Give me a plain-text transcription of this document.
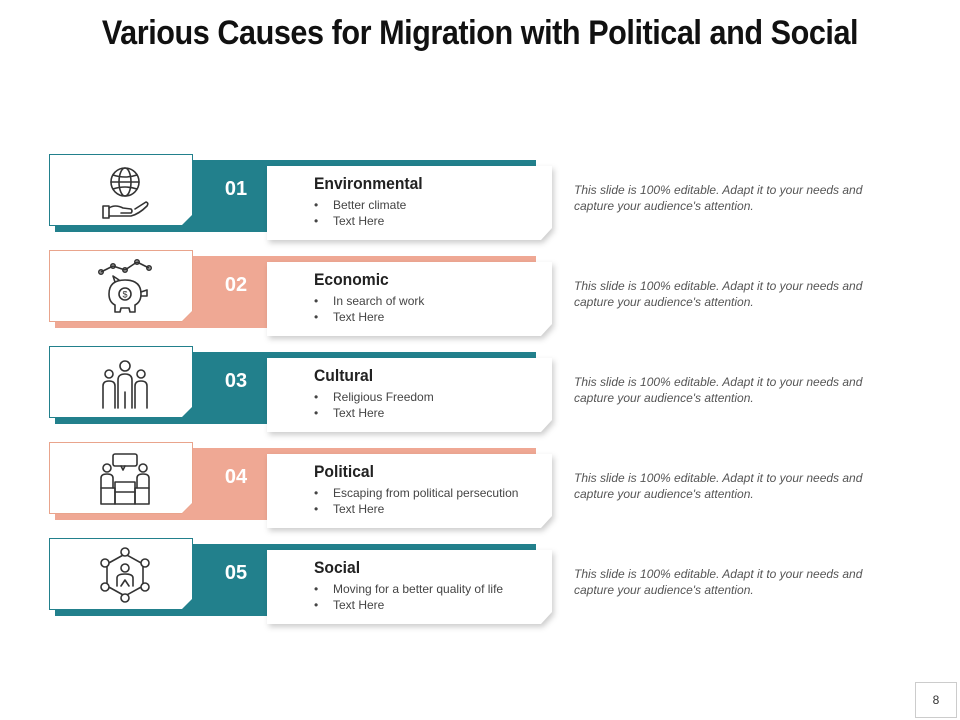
Various Causes for Migration with Political and Social
01	Environmental
• Better climate
• Text Here
This slide is 100% editable. Adapt it to your needs and capture your audience's attention.
$	02	Economic
• In search of work
• Text Here
This slide is 100% editable. Adapt it to your needs and capture your audience's attention.
03	Cultural
• Religious Freedom
• Text Here
This slide is 100% editable. Adapt it to your needs and capture your audience's attention.
04	Political
• Escaping from political persecution
• Text Here
This slide is 100% editable. Adapt it to your needs and capture your audience's attention.
05	Social
• Moving for a better quality of life
• Text Here
This slide is 100% editable. Adapt it to your needs and capture your audience's attention.
8
